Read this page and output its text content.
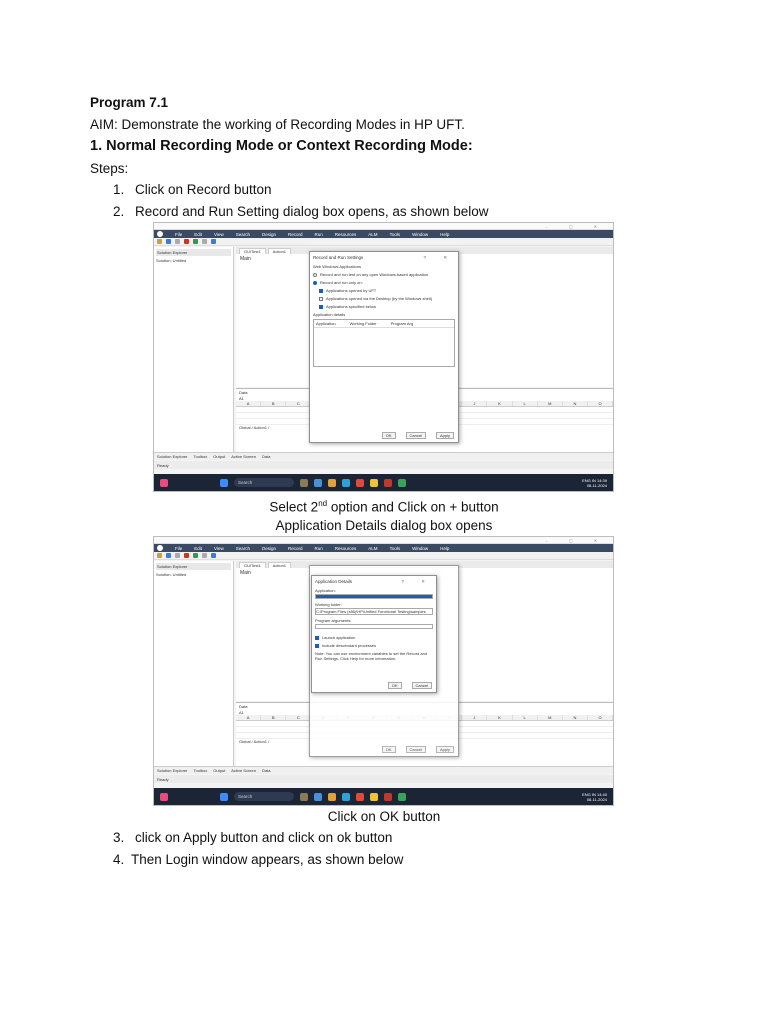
Program 7.1
AIM: Demonstrate the working of Recording Modes in HP UFT.
1. Normal Recording Mode or Context Recording Mode:
Steps:
1. Click on Record button
2. Record and Run Setting dialog box opens, as shown below
– ▢ ✕
File	Edit	View	Search	Design	Record	Run	Resources	ALM	Tools	Window	Help
Solution Explorer
Solution: Untitled
GUITest1	Action1
Main
Data
A1
A	B	C	J	K	L	M	N	O
Global / Action1 /
Solution Explorer Toolbox Output Active Screen Data
Ready
Search	ENG IN 14:39
08-11-2024
Record and Run Settings	? ✕
Web Windows Applications
Record and run test on any open Windows-based application
Record and run only on:
Applications opened by UFT
Applications opened via the Desktop (by the Windows shell)
Applications specified below
Application details
Application	Working Folder	Program Arg
OK	Cancel	Apply
Select 2nd option and Click on + button
Application Details dialog box opens
– ▢ ✕
File	Edit	View	Search	Design	Record	Run	Resources	ALM	Tools	Window	Help
Solution Explorer
Solution: Untitled
GUITest1	Action1
Main
Data
A1
A	B	C	J	K	L	M	N	O
Global / Action1 /
Solution Explorer Toolbox Output Active Screen Data
Ready
Search	ENG IN 14:40
08-11-2024
OK	Cancel	Apply
Application Details	? ✕
Application:
Working folder:
C:\Program Files (x86)\HP\Unified Functional Testing\samples
Program arguments:
Launch application
Include descendant processes
Note: You can use environment variables to set the Record and Run Settings. Click Help for more information.
OK	Cancel
Click on OK button
3. click on Apply button and click on ok button
4. Then Login window appears, as shown below
